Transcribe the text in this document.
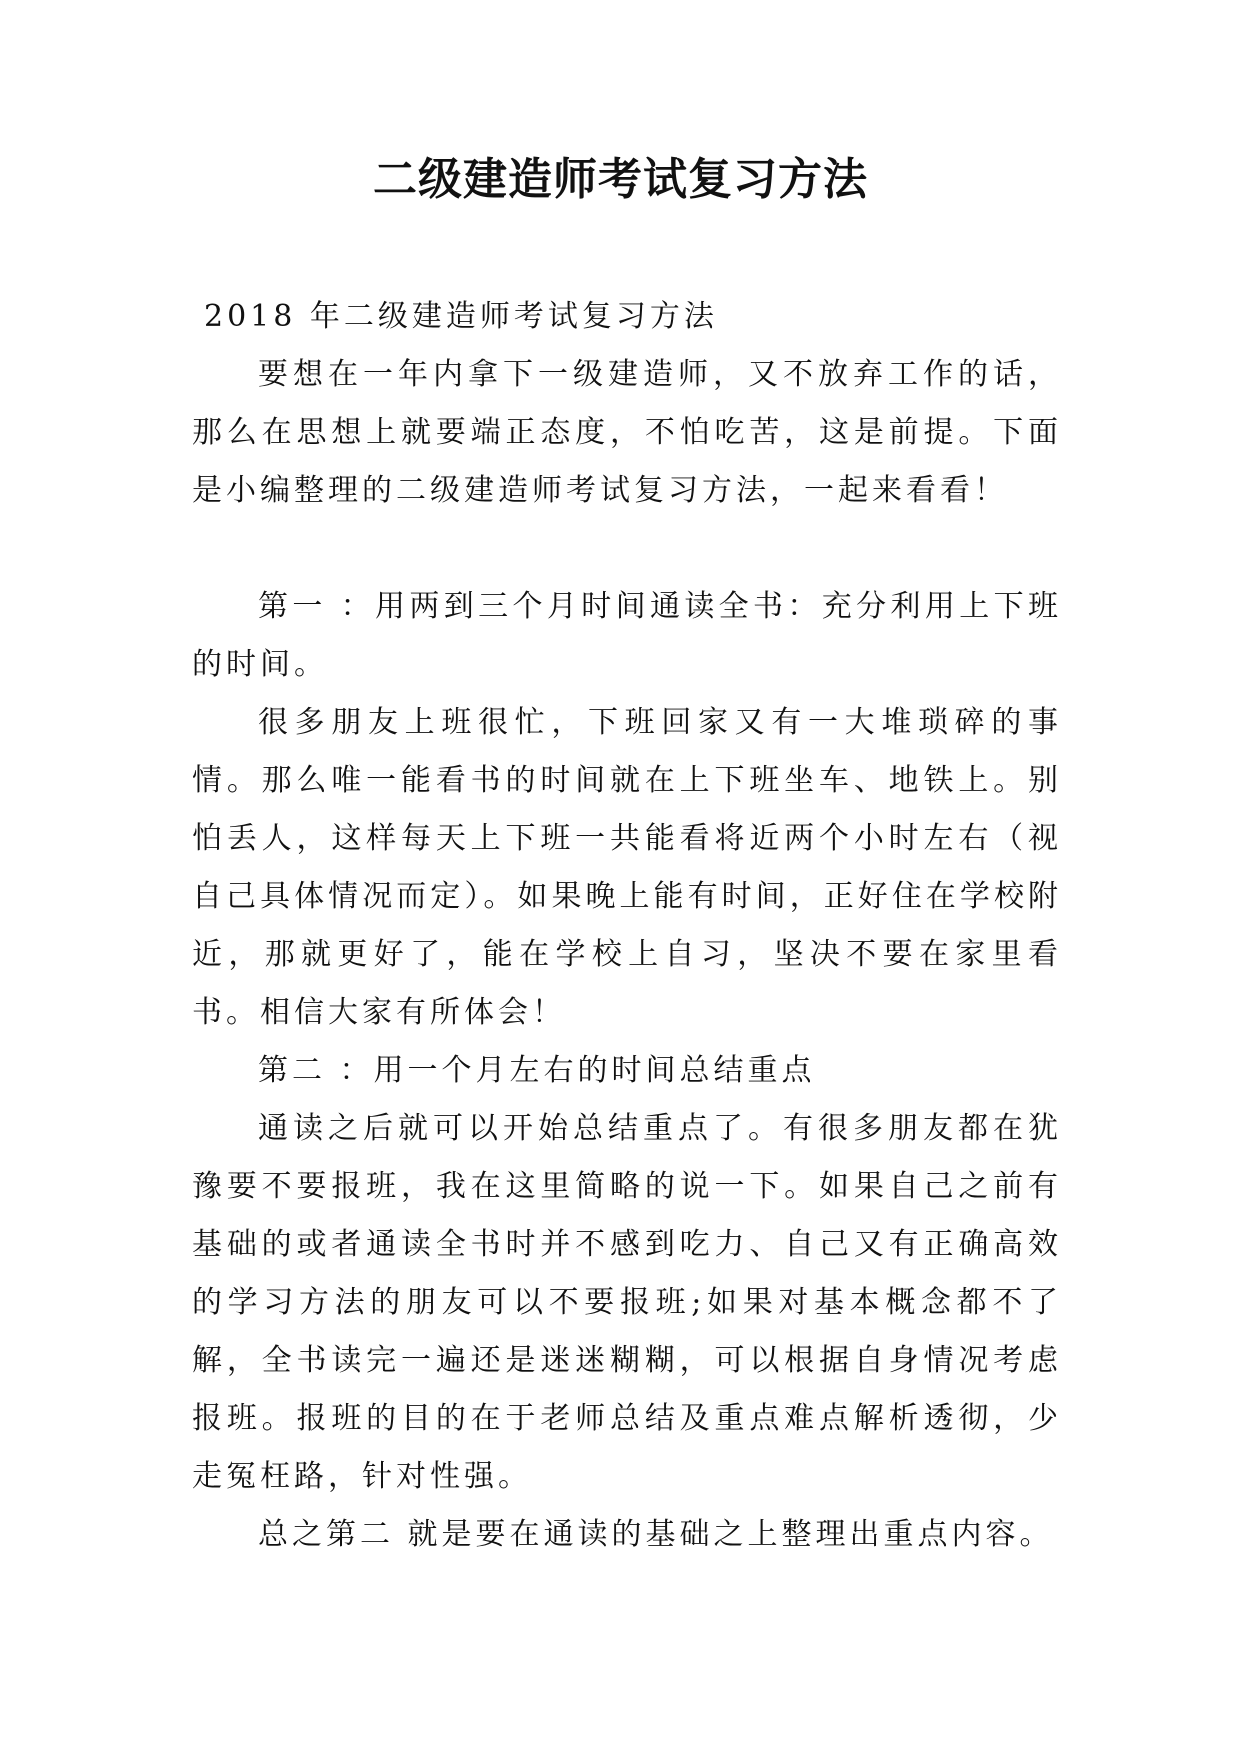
二级建造师考试复习方法

2018 年二级建造师考试复习方法

要想在一年内拿下一级建造师，又不放弃工作的话，那么在思想上就要端正态度，不怕吃苦，这是前提。下面是小编整理的二级建造师考试复习方法，一起来看看！

第一 ：用两到三个月时间通读全书：充分利用上下班的时间。

很多朋友上班很忙，下班回家又有一大堆琐碎的事情。那么唯一能看书的时间就在上下班坐车、地铁上。别怕丢人，这样每天上下班一共能看将近两个小时左右（视自己具体情况而定）。如果晚上能有时间，正好住在学校附近，那就更好了，能在学校上自习，坚决不要在家里看书。相信大家有所体会！

第二 ：用一个月左右的时间总结重点

通读之后就可以开始总结重点了。有很多朋友都在犹豫要不要报班，我在这里简略的说一下。如果自己之前有基础的或者通读全书时并不感到吃力、自己又有正确高效的学习方法的朋友可以不要报班;如果对基本概念都不了解，全书读完一遍还是迷迷糊糊，可以根据自身情况考虑报班。报班的目的在于老师总结及重点难点解析透彻，少走冤枉路，针对性强。

总之第二 就是要在通读的基础之上整理出重点内容。
